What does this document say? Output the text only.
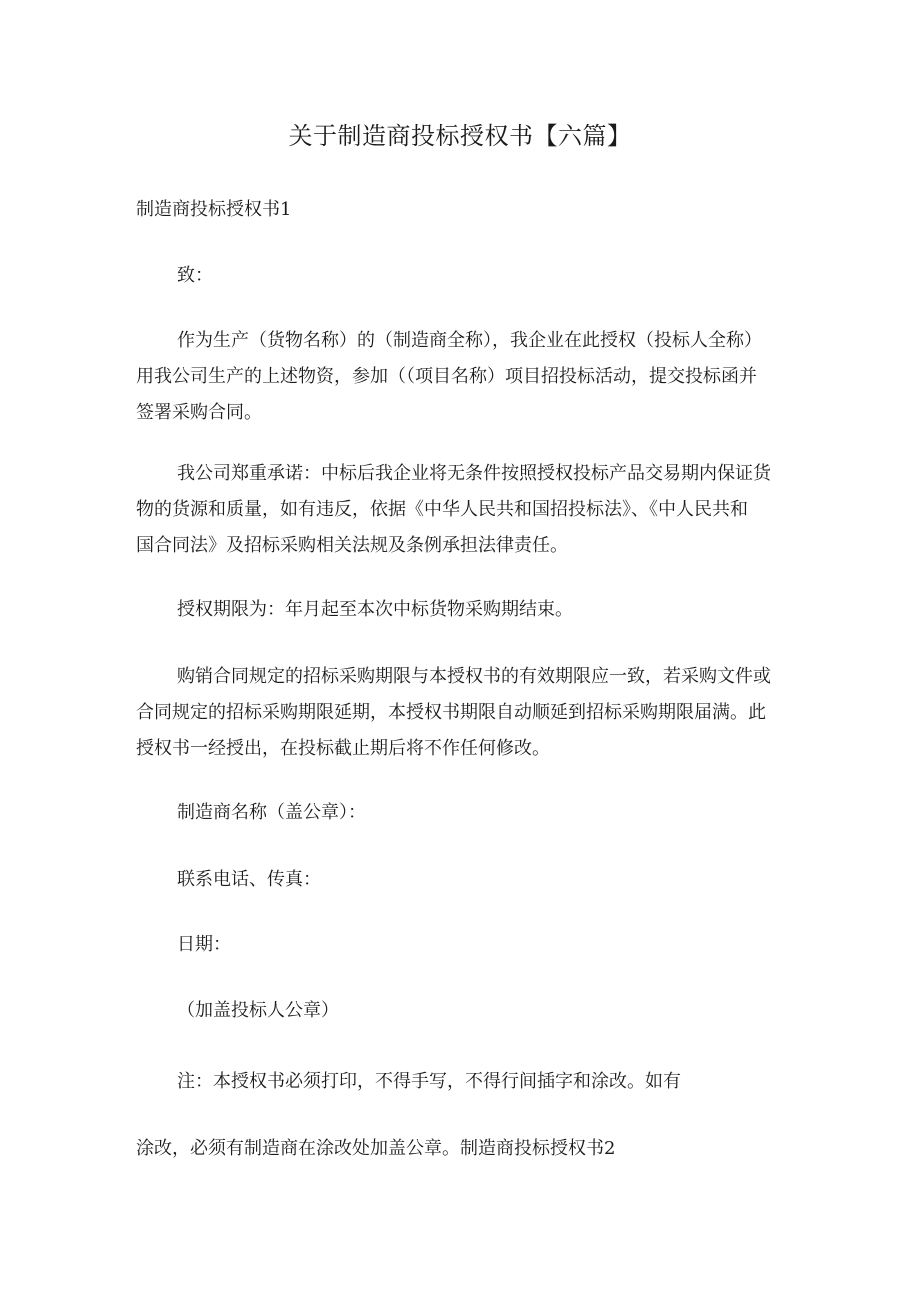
关于制造商投标授权书【六篇】

制造商投标授权书1

致：

作为生产（货物名称）的（制造商全称），我企业在此授权（投标人全称）
用我公司生产的上述物资，参加（（项目名称）项目招投标活动，提交投标函并
签署采购合同。
我公司郑重承诺：中标后我企业将无条件按照授权投标产品交易期内保证货
物的货源和质量，如有违反，依据《中华人民共和国招投标法》、《中人民共和
国合同法》及招标采购相关法规及条例承担法律责任。

授权期限为：年月起至本次中标货物采购期结束。

购销合同规定的招标采购期限与本授权书的有效期限应一致，若采购文件或
合同规定的招标采购期限延期，本授权书期限自动顺延到招标采购期限届满。此
授权书一经授出，在投标截止期后将不作任何修改。

制造商名称（盖公章）：

联系电话、传真：

日期：

（加盖投标人公章）

注：本授权书必须打印，不得手写，不得行间插字和涂改。如有

涂改，必须有制造商在涂改处加盖公章。制造商投标授权书2
